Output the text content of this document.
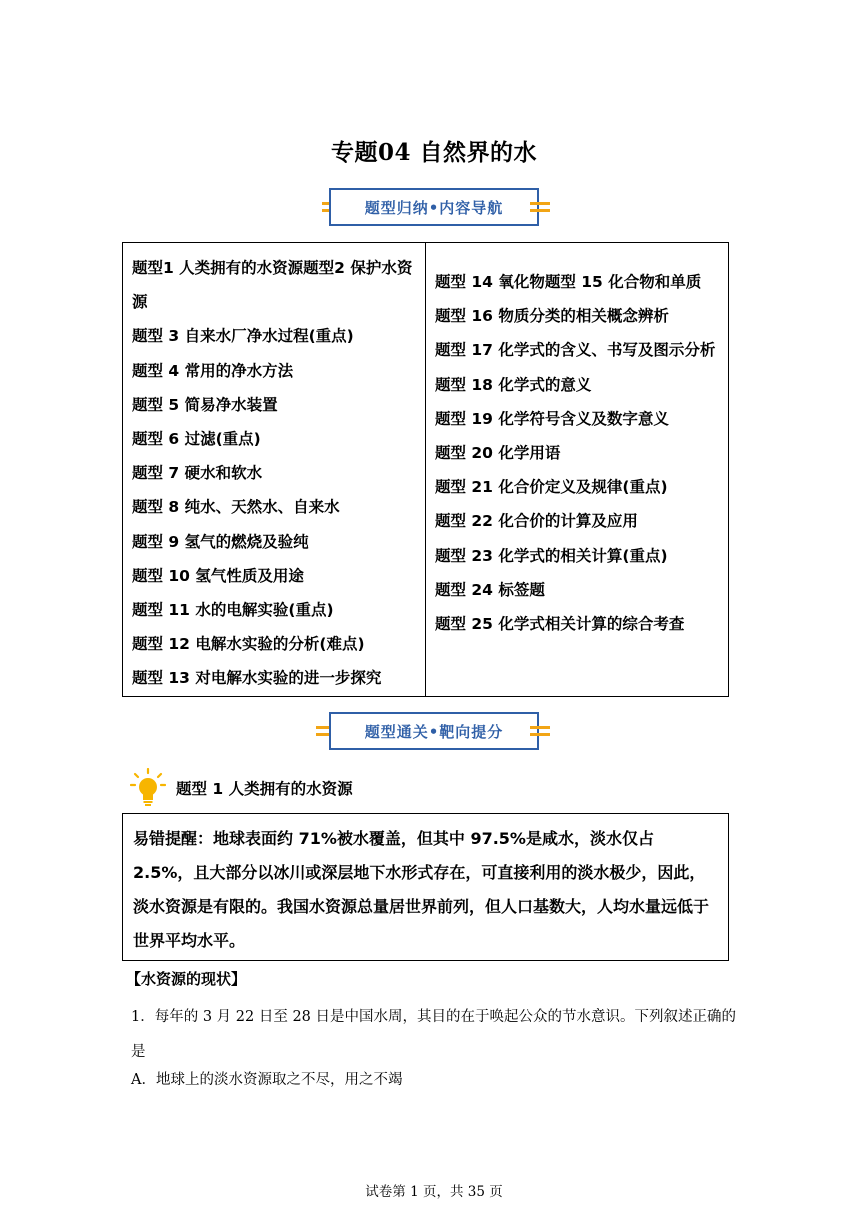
专题04 自然界的水
题型归纳•内容导航
题型1 人类拥有的水资源题型2 保护水资源
题型 3 自来水厂净水过程(重点)
题型 4 常用的净水方法
题型 5 简易净水装置
题型 6 过滤(重点)
题型 7 硬水和软水
题型 8 纯水、天然水、自来水
题型 9 氢气的燃烧及验纯
题型 10 氢气性质及用途
题型 11 水的电解实验(重点)
题型 12 电解水实验的分析(难点)
题型 13 对电解水实验的进一步探究
题型 14 氧化物题型 15 化合物和单质
题型 16 物质分类的相关概念辨析
题型 17 化学式的含义、书写及图示分析
题型 18 化学式的意义
题型 19 化学符号含义及数字意义
题型 20 化学用语
题型 21 化合价定义及规律(重点)
题型 22 化合价的计算及应用
题型 23 化学式的相关计算(重点)
题型 24 标签题
题型 25 化学式相关计算的综合考查
题型通关•靶向提分
题型 1 人类拥有的水资源
易错提醒：地球表面约 71%被水覆盖，但其中 97.5%是咸水，淡水仅占 2.5%，且大部分以冰川或深层地下水形式存在，可直接利用的淡水极少，因此，淡水资源是有限的。我国水资源总量居世界前列，但人口基数大，人均水量远低于世界平均水平。
【水资源的现状】
1．每年的 3 月 22 日至 28 日是中国水周，其目的在于唤起公众的节水意识。下列叙述正确的是
A．地球上的淡水资源取之不尽，用之不竭
试卷第 1 页，共 35 页
